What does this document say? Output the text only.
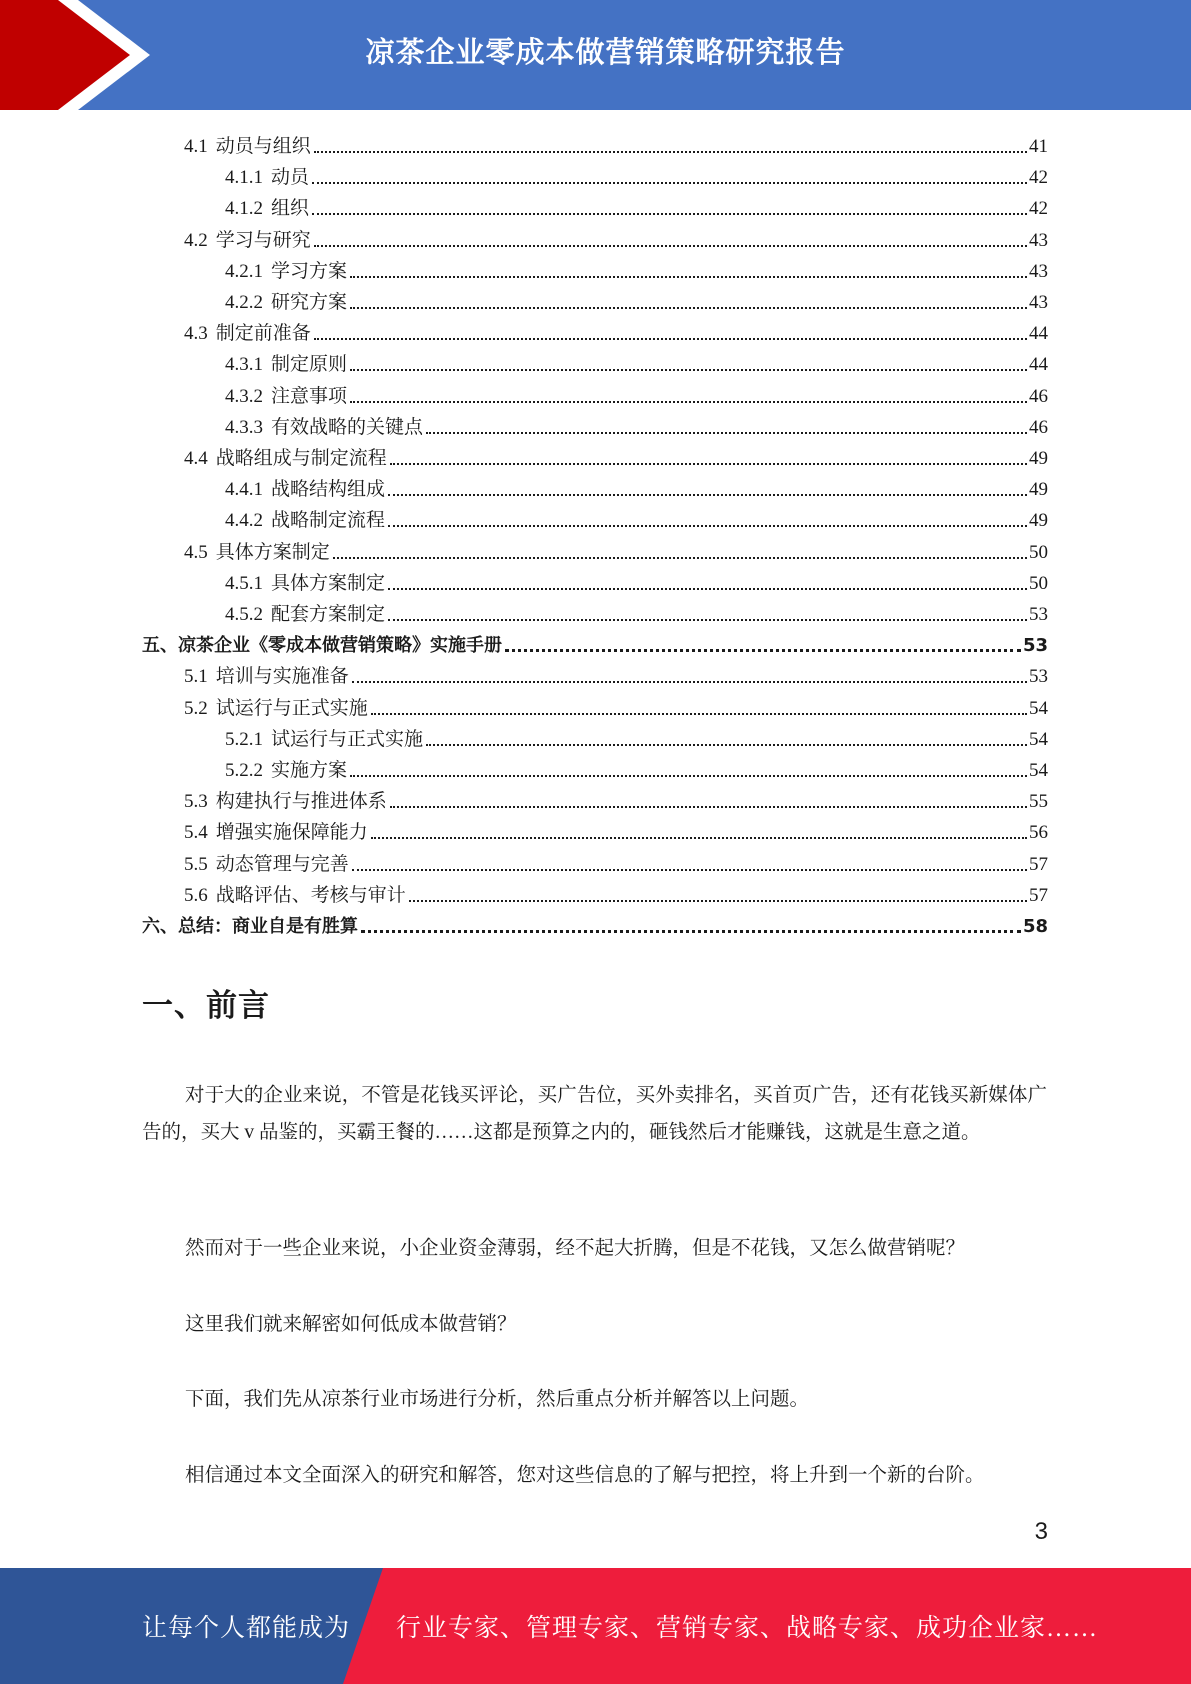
凉茶企业零成本做营销策略研究报告
4.1 动员与组织	41
4.1.1 动员	42
4.1.2 组织	42
4.2 学习与研究	43
4.2.1 学习方案	43
4.2.2 研究方案	43
4.3 制定前准备	44
4.3.1 制定原则	44
4.3.2 注意事项	46
4.3.3 有效战略的关键点	46
4.4 战略组成与制定流程	49
4.4.1 战略结构组成	49
4.4.2 战略制定流程	49
4.5 具体方案制定	50
4.5.1 具体方案制定	50
4.5.2 配套方案制定	53
五、凉茶企业《零成本做营销策略》实施手册	53
5.1 培训与实施准备	53
5.2 试运行与正式实施	54
5.2.1 试运行与正式实施	54
5.2.2 实施方案	54
5.3 构建执行与推进体系	55
5.4 增强实施保障能力	56
5.5 动态管理与完善	57
5.6 战略评估、考核与审计	57
六、总结：商业自是有胜算	58
一、前言

对于大的企业来说，不管是花钱买评论，买广告位，买外卖排名，买首页广告，还有花钱买新媒体广告的，买大 v 品鉴的，买霸王餐的……这都是预算之内的，砸钱然后才能赚钱，这就是生意之道。

然而对于一些企业来说，小企业资金薄弱，经不起大折腾，但是不花钱，又怎么做营销呢？

这里我们就来解密如何低成本做营销？

下面，我们先从凉茶行业市场进行分析，然后重点分析并解答以上问题。

相信通过本文全面深入的研究和解答，您对这些信息的了解与把控，将上升到一个新的台阶。

3
让每个人都能成为 行业专家、管理专家、营销专家、战略专家、成功企业家……
